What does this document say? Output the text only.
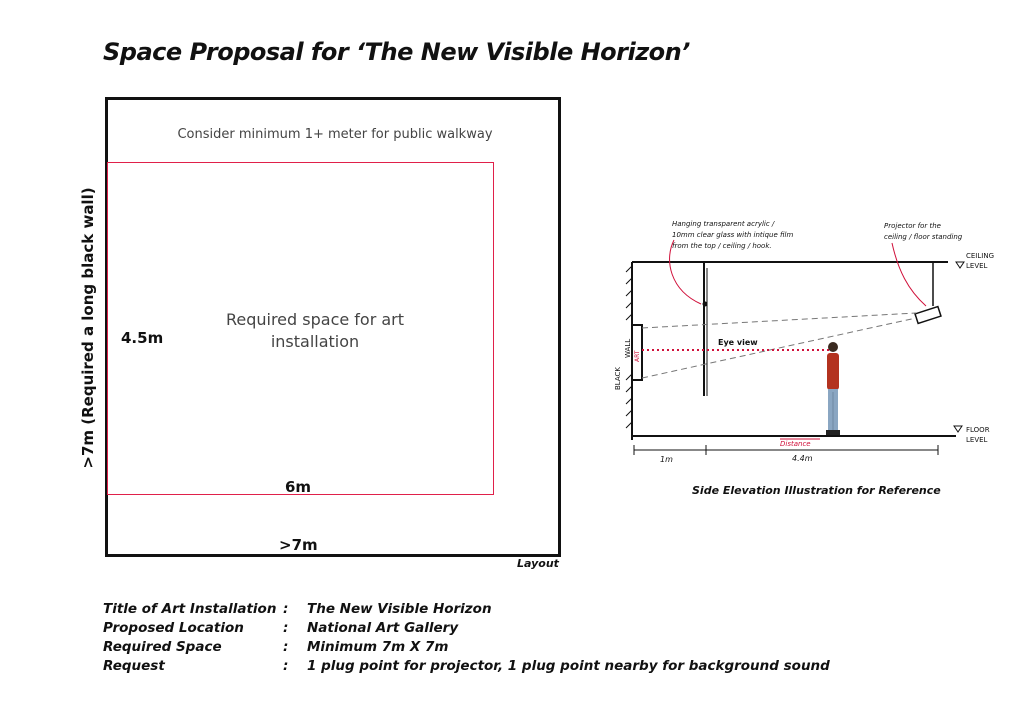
Space Proposal for ‘The New Visible Horizon’
Consider minimum 1+ meter for public walkway
Required space for art
installation
4.5m
6m
>7m
>7m (Required a long black wall)
Layout
ART
BLACK
WALL	Eye view
Distance
1m	4.4m
CEILING
LEVEL
FLOOR
LEVEL
Hanging transparent acrylic /
10mm clear glass with intique film
from the top / ceiling / hook.
Projector for the
ceiling / floor standing
Side Elevation Illustration for Reference
Title of Art Installation : The New Visible Horizon
Proposed Location	: National Art Gallery
Required Space	: Minimum 7m X 7m
Request	: 1 plug point for projector, 1 plug point nearby for background sound
